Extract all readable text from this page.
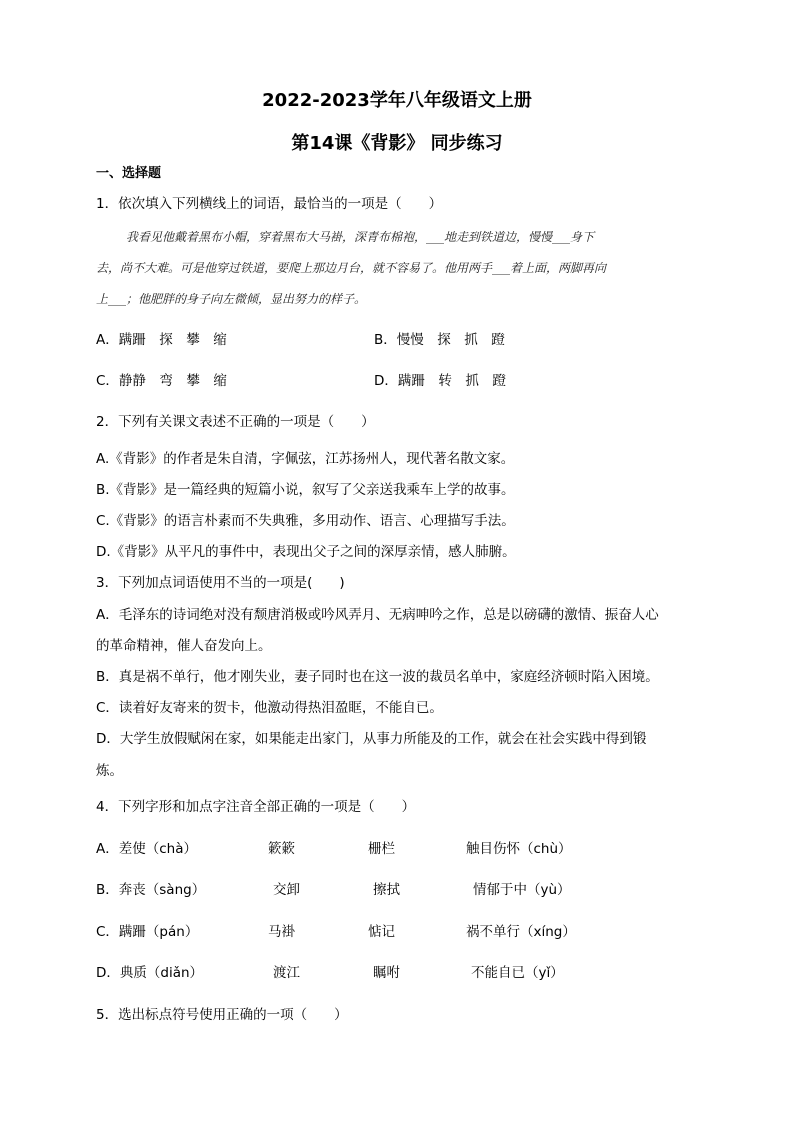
2022-2023学年八年级语文上册
第14课《背影》 同步练习
一、选择题
1．依次填入下列横线上的词语，最恰当的一项是（　　）
我看见他戴着黑布小帽，穿着黑布大马褂，深青布棉袍，___地走到铁道边，慢慢___身下
去，尚不大难。可是他穿过铁道，要爬上那边月台，就不容易了。他用两手___着上面，两脚再向
上___；他肥胖的身子向左微倾，显出努力的样子。
A．蹒跚　探　攀　缩	B．慢慢　探　抓　蹬
C．静静　弯　攀　缩	D．蹒跚　转　抓　蹬
2．下列有关课文表述不正确的一项是（　　）
A.《背影》的作者是朱自清，字佩弦，江苏扬州人，现代著名散文家。
B.《背影》是一篇经典的短篇小说，叙写了父亲送我乘车上学的故事。
C.《背影》的语言朴素而不失典雅，多用动作、语言、心理描写手法。
D.《背影》从平凡的事件中，表现出父子之间的深厚亲情，感人肺腑。
3．下列加点词语使用不当的一项是(　　)
A．毛泽东的诗词绝对没有颓唐消极或吟风弄月、无病呻吟之作，总是以磅礴的激情、振奋人心
的革命精神，催人奋发向上。
B．真是祸不单行，他才刚失业，妻子同时也在这一波的裁员名单中，家庭经济顿时陷入困境。
C．读着好友寄来的贺卡，他激动得热泪盈眶，不能自已。
D．大学生放假赋闲在家，如果能走出家门，从事力所能及的工作，就会在社会实践中得到锻
炼。
4．下列字形和加点字注音全部正确的一项是（　　）
A．差使（chà）	簌簌	栅栏	触目伤怀（chù）
B．奔丧（sàng）	交卸	擦拭	情郁于中（yù）
C．蹒跚（pán）	马褂	惦记	祸不单行（xíng）
D．典质（diǎn）	渡江	瞩咐	不能自已（yǐ）
5．选出标点符号使用正确的一项（　　）
